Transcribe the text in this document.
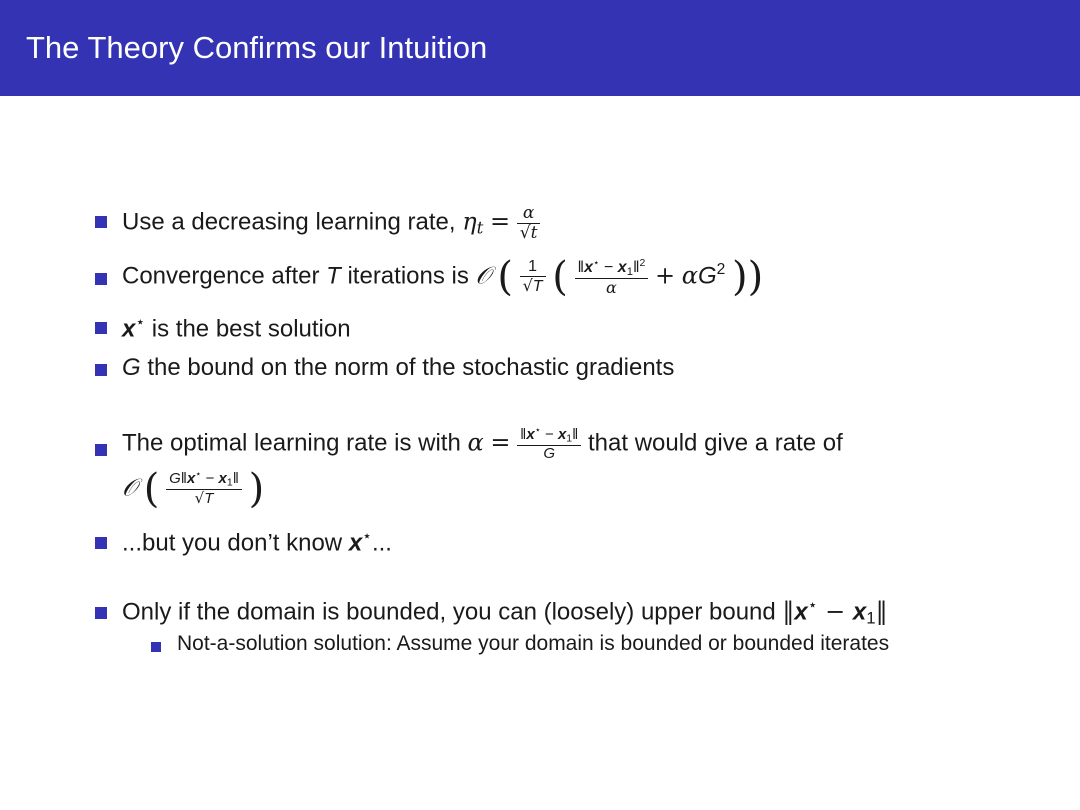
The Theory Confirms our Intuition
Use a decreasing learning rate, $\eta t = \frac{\alpha}{√t}$
Convergence after T iterations is 𝒪 ( $\frac{1}{√T}$ ( $\frac{‖x^⋆ - x1‖^2}{\alpha} + \alpha G^2$ ))
x⋆ is the best solution
G the bound on the norm of the stochastic gradients
The optimal learning rate is with $\alpha = \frac{‖x^⋆ - x1‖}{G}$ that would give a rate of
𝒪 ( $\frac{G‖x^⋆ - x1‖}{√T}$ )
...but you don’t know x⋆...
Only if the domain is bounded, you can (loosely) upper bound ‖x⋆ − x1‖
Not-a-solution solution: Assume your domain is bounded or bounded iterates
